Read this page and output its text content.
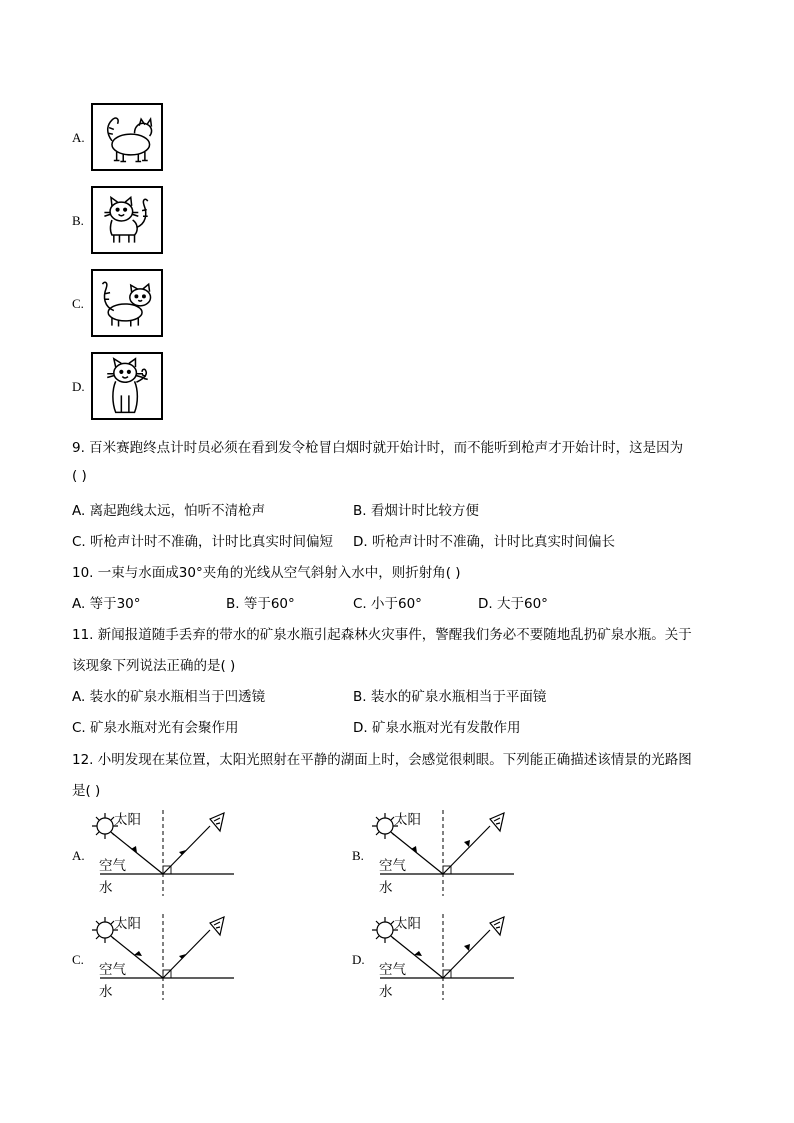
A.
B.
C.
D.
9. 百米赛跑终点计时员必须在看到发令枪冒白烟时就开始计时，而不能听到枪声才开始计时，这是因为
( )
A. 离起跑线太远，怕听不清枪声	B. 看烟计时比较方便
C. 听枪声计时不准确，计时比真实时间偏短 D. 听枪声计时不准确，计时比真实时间偏长
10. 一束与水面成30°夹角的光线从空气斜射入水中，则折射角( )
A. 等于30°	B. 等于60°	C. 小于60°	D. 大于60°
11. 新闻报道随手丢弃的带水的矿泉水瓶引起森林火灾事件，警醒我们务必不要随地乱扔矿泉水瓶。关于
该现象下列说法正确的是( )
A. 装水的矿泉水瓶相当于凹透镜	B. 装水的矿泉水瓶相当于平面镜
C. 矿泉水瓶对光有会聚作用	D. 矿泉水瓶对光有发散作用
12. 小明发现在某位置，太阳光照射在平静的湖面上时，会感觉很刺眼。下列能正确描述该情景的光路图
是( )
A.
太阳
空气
水
B.
太阳
空气
水
C.
太阳
空气
水
D.
太阳
空气
水
